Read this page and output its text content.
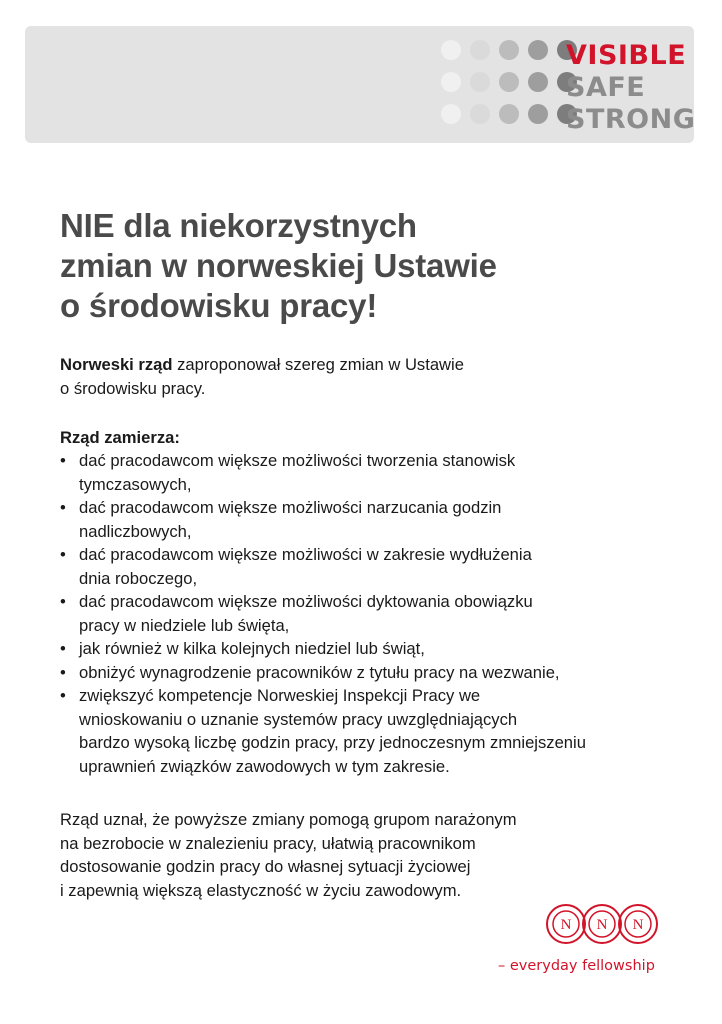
VISIBLE
SAFE
STRONG
NIE dla niekorzystnych
zmian w norweskiej Ustawie
o środowisku pracy!
Norweski rząd zaproponował szereg zmian w Ustawie
o środowisku pracy.
Rząd zamierza:
• dać pracodawcom większe możliwości tworzenia stanowisk
tymczasowych,
• dać pracodawcom większe możliwości narzucania godzin
nadliczbowych,
• dać pracodawcom większe możliwości w zakresie wydłużenia
dnia roboczego,
• dać pracodawcom większe możliwości dyktowania obowiązku
pracy w niedziele lub święta,
• jak również w kilka kolejnych niedziel lub świąt,
• obniżyć wynagrodzenie pracowników z tytułu pracy na wezwanie,
• zwiększyć kompetencje Norweskiej Inspekcji Pracy we
wnioskowaniu o uznanie systemów pracy uwzględniających
bardzo wysoką liczbę godzin pracy, przy jednoczesnym zmniejszeniu
uprawnień związków zawodowych w tym zakresie.
Rząd uznał, że powyższe zmiany pomogą grupom narażonym
na bezrobocie w znalezieniu pracy, ułatwią pracownikom
dostosowanie godzin pracy do własnej sytuacji życiowej
i zapewnią większą elastyczność w życiu zawodowym.
N N N
– everyday fellowship
